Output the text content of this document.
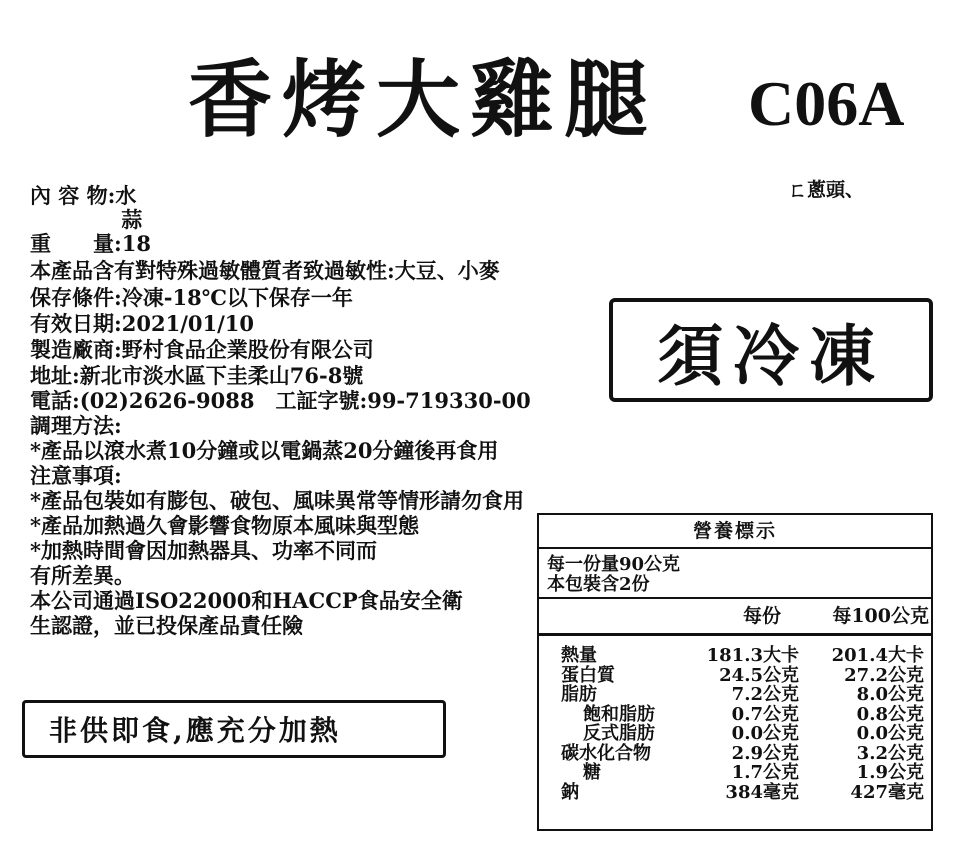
香烤大雞腿 C06A
ㄈ蔥頭、
內 容 物:水
　　　　 蒜
重　　量:18
本產品含有對特殊過敏體質者致過敏性:大豆、小麥
保存條件:冷凍-18℃以下保存一年
有效日期:2021/01/10
製造廠商:野村食品企業股份有限公司
地址:新北市淡水區下圭柔山76-8號
電話:(02)2626-9088　工証字號:99-719330-00
調理方法:
*產品以滾水煮10分鐘或以電鍋蒸20分鐘後再食用
注意事項:
*產品包裝如有膨包、破包、風味異常等情形請勿食用
*產品加熱過久會影響食物原本風味與型態
*加熱時間會因加熱器具、功率不同而
有所差異。
本公司通過ISO22000和HACCP食品安全衛
生認證，並已投保產品責任險
須冷凍
非供即食,應充分加熱
營養標示
每一份量90公克
本包裝含2份
每份	每100公克
熱量	181.3大卡	201.4大卡
蛋白質	24.5公克	27.2公克
脂肪	7.2公克	8.0公克
飽和脂肪	0.7公克	0.8公克
反式脂肪	0.0公克	0.0公克
碳水化合物	2.9公克	3.2公克
糖	1.7公克	1.9公克
鈉	384毫克	427毫克
